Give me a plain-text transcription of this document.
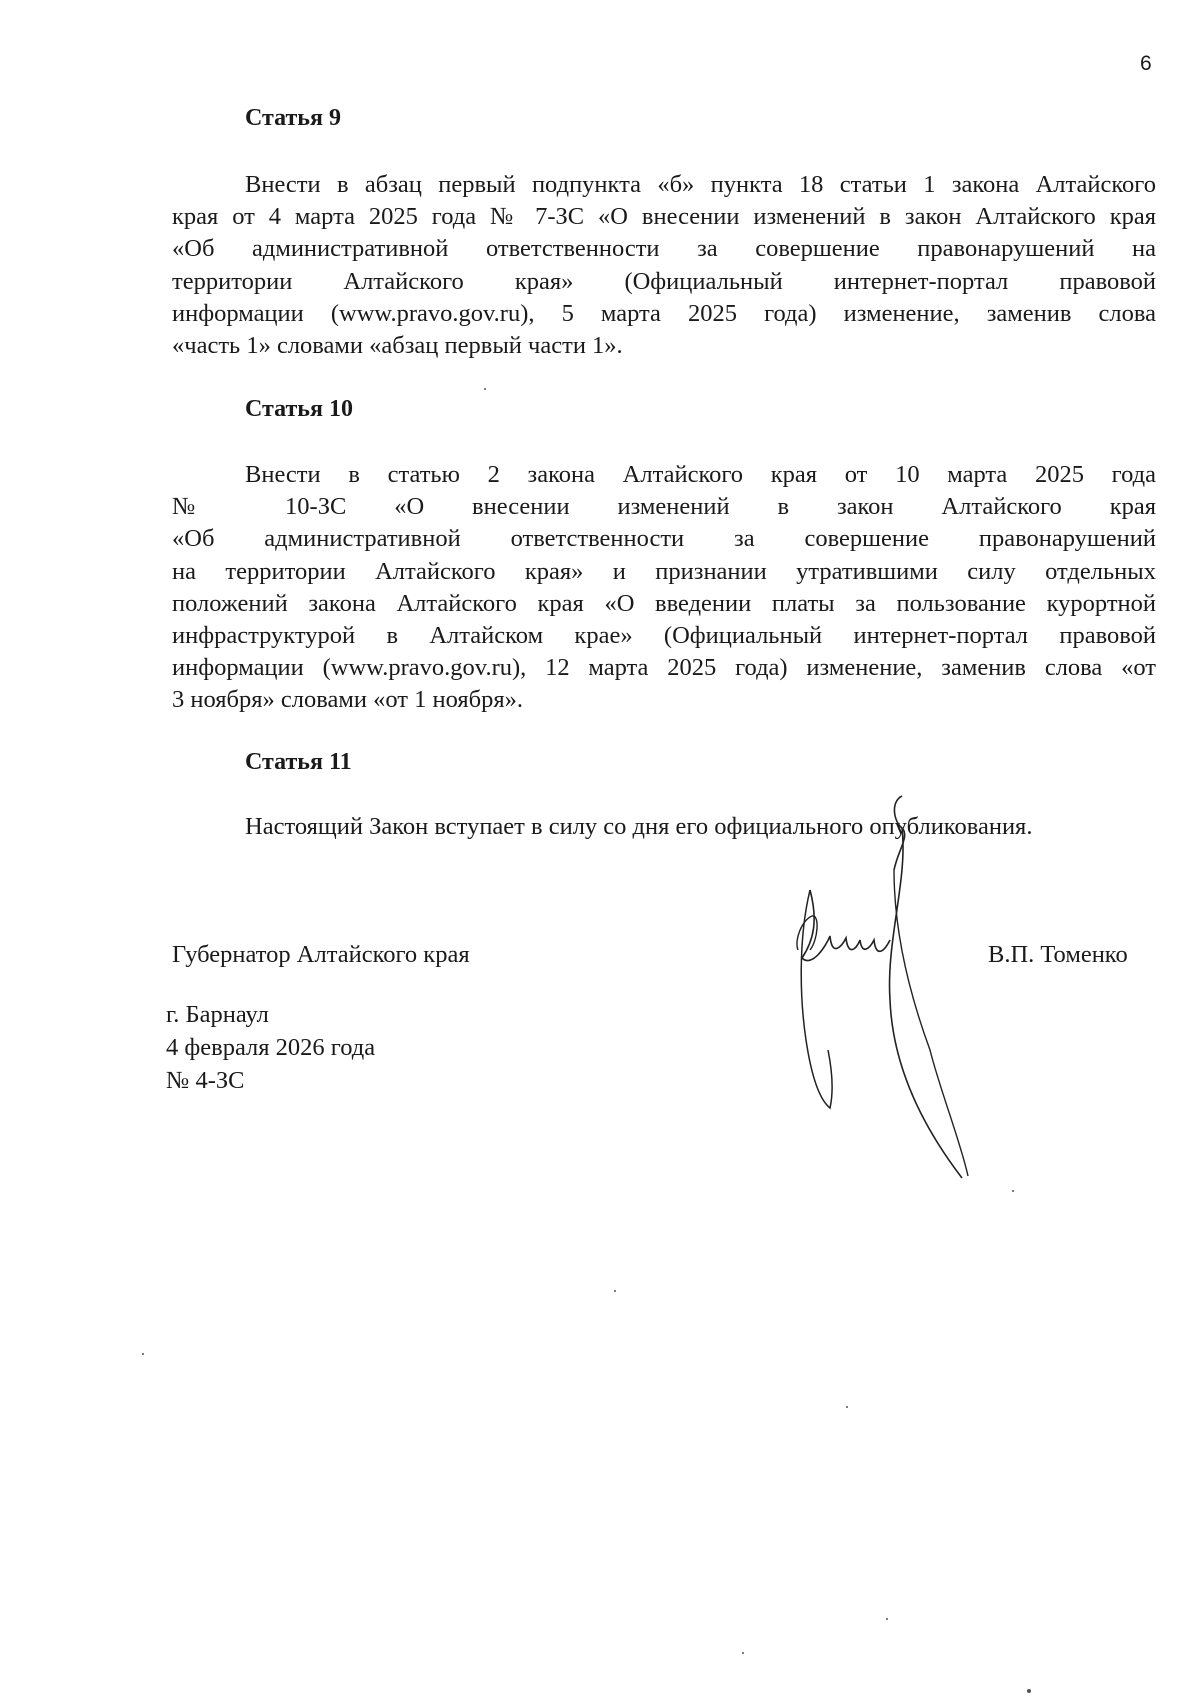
6
Статья 9
Внести в абзац первый подпункта «б» пункта 18 статьи 1 закона Алтайского
края от 4 марта 2025 года № 7-ЗС «О внесении изменений в закон Алтайского края
«Об административной ответственности за совершение правонарушений на
территории Алтайского края» (Официальный интернет-портал правовой
информации (www.pravo.gov.ru), 5 марта 2025 года) изменение, заменив слова
«часть 1» словами «абзац первый части 1».
Статья 10
Внести в статью 2 закона Алтайского края от 10 марта 2025 года
№ 10-ЗС «О внесении изменений в закон Алтайского края
«Об административной ответственности за совершение правонарушений
на территории Алтайского края» и признании утратившими силу отдельных
положений закона Алтайского края «О введении платы за пользование курортной
инфраструктурой в Алтайском крае» (Официальный интернет-портал правовой
информации (www.pravo.gov.ru), 12 марта 2025 года) изменение, заменив слова «от
3 ноября» словами «от 1 ноября».
Статья 11
Настоящий Закон вступает в силу со дня его официального опубликования.
Губернатор Алтайского края	В.П. Томенко
г. Барнаул
4 февраля 2026 года
№ 4-ЗС
